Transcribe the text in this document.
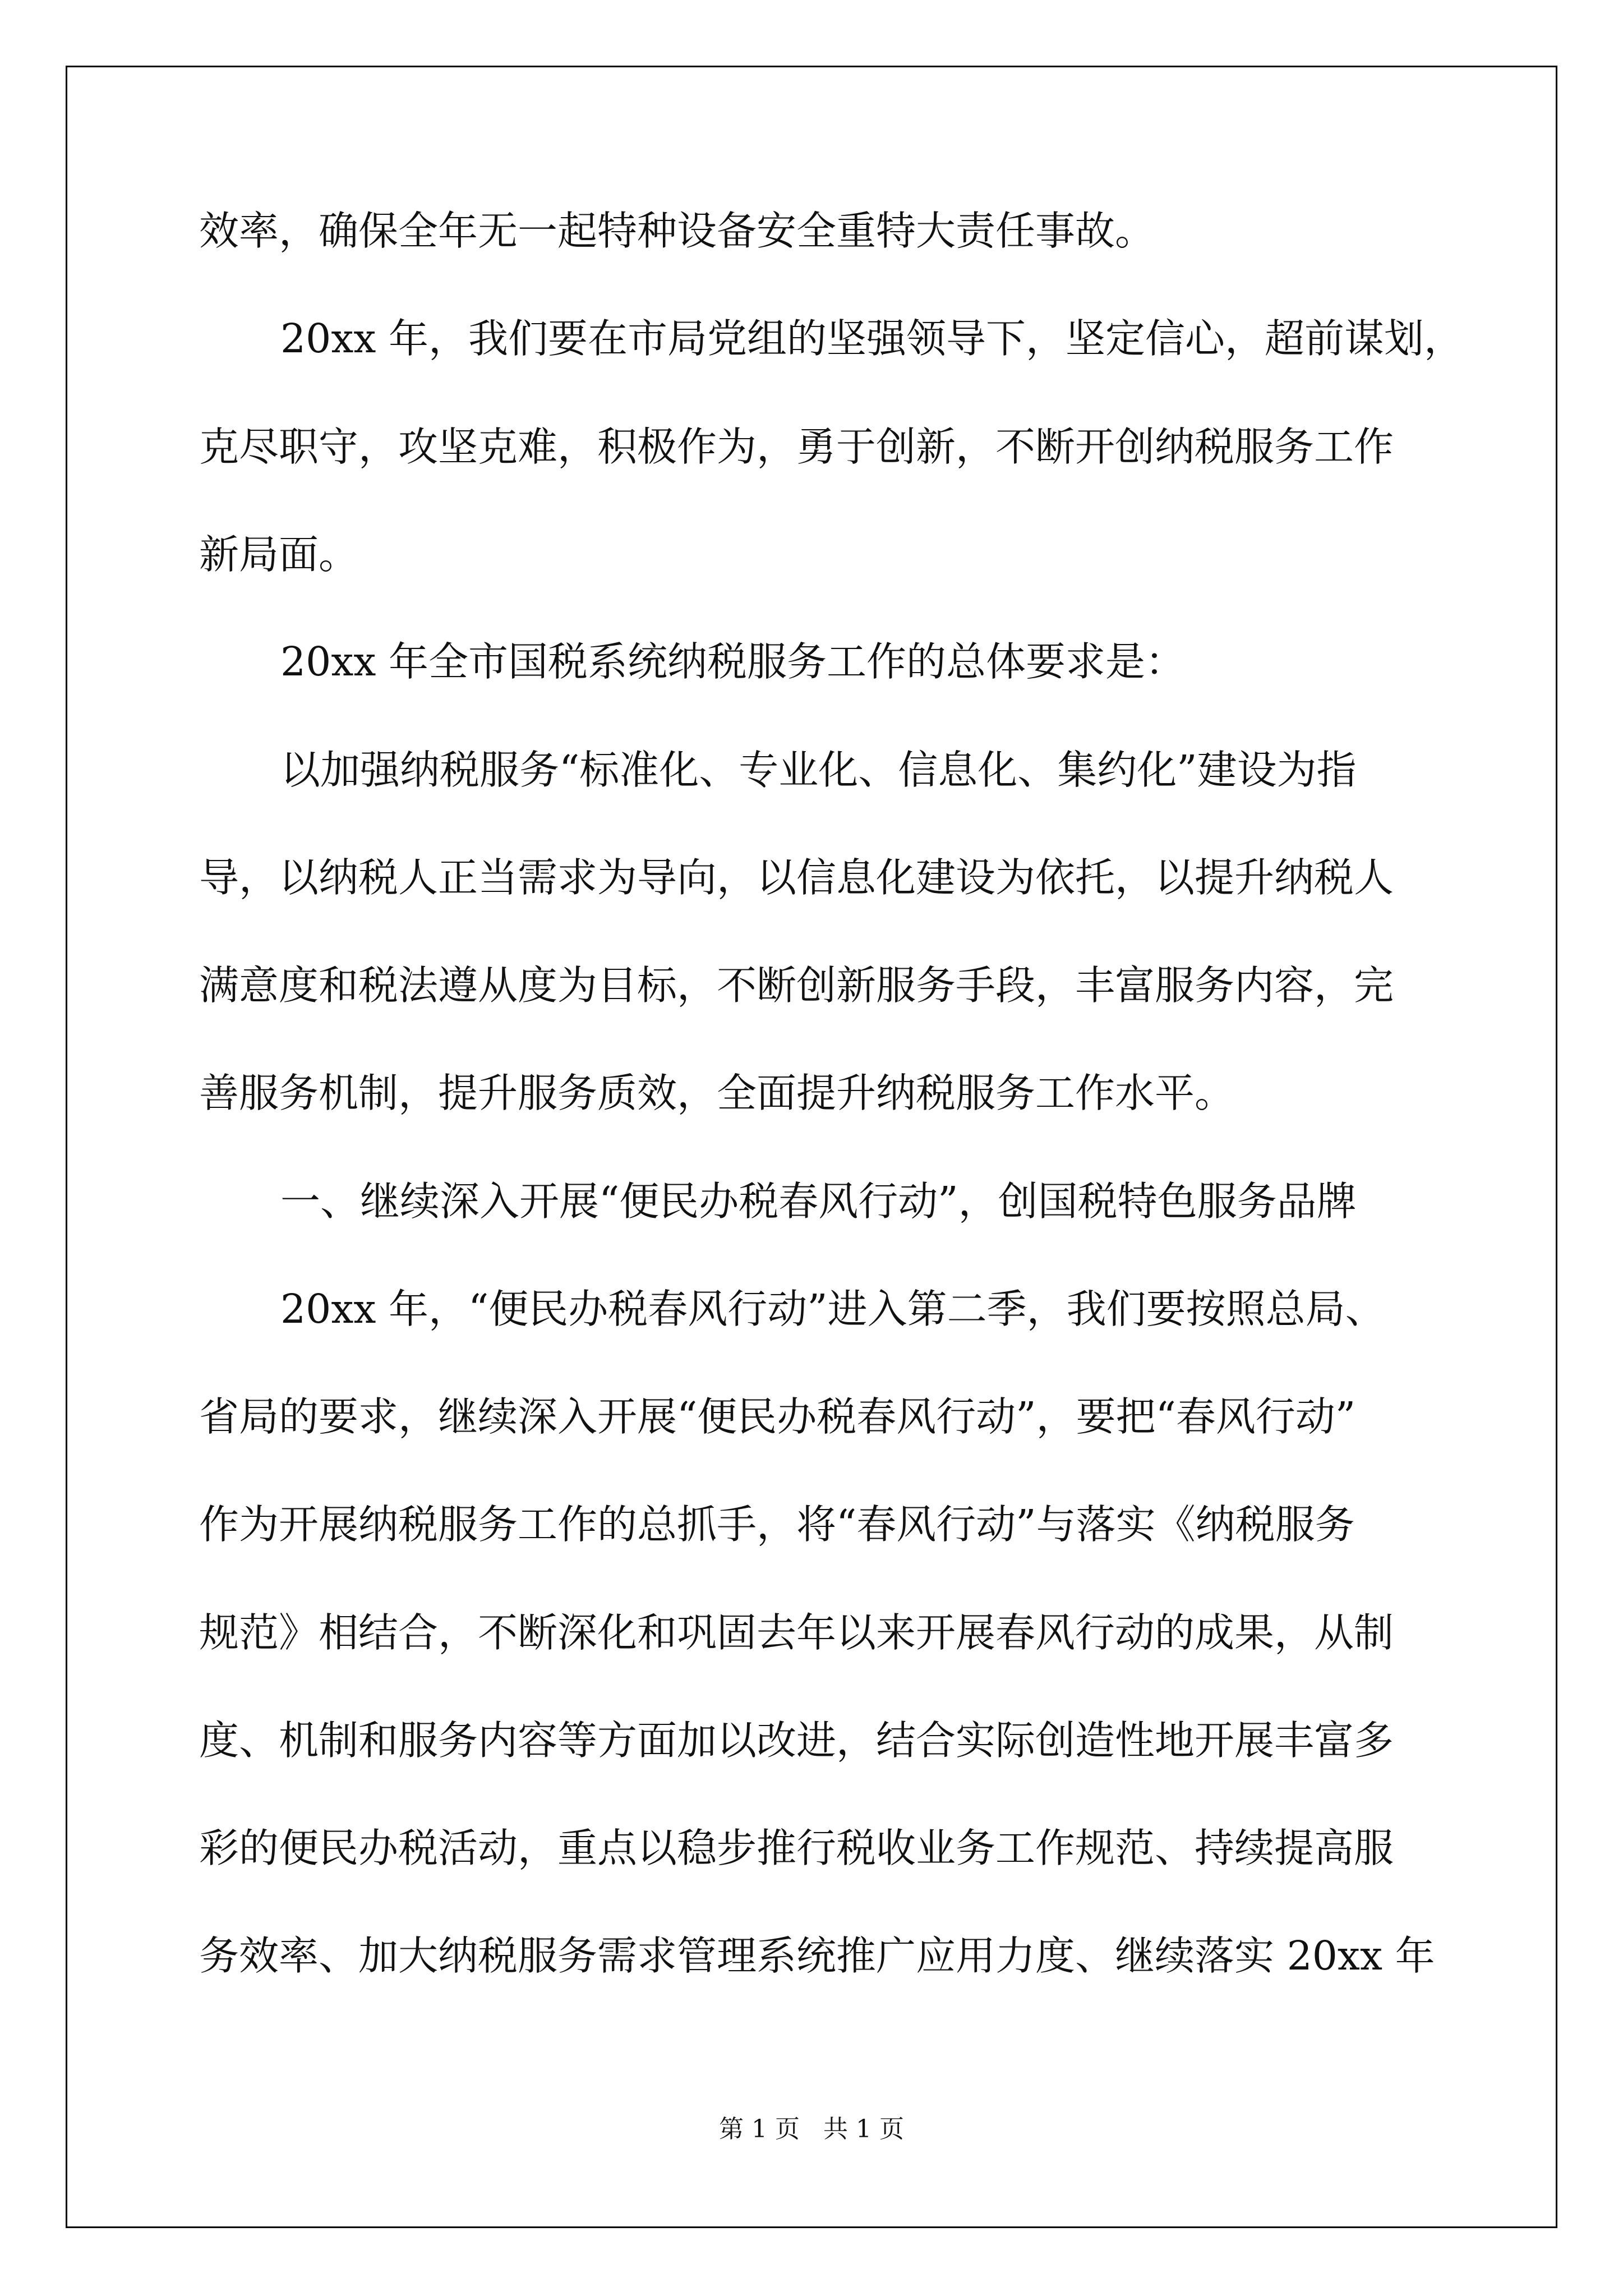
效率，确保全年无一起特种设备安全重特大责任事故。

20xx 年，我们要在市局党组的坚强领导下，坚定信心，超前谋划，

克尽职守，攻坚克难，积极作为，勇于创新，不断开创纳税服务工作

新局面。

20xx 年全市国税系统纳税服务工作的总体要求是：

以加强纳税服务“标准化、专业化、信息化、集约化”建设为指

导，以纳税人正当需求为导向，以信息化建设为依托，以提升纳税人

满意度和税法遵从度为目标，不断创新服务手段，丰富服务内容，完

善服务机制，提升服务质效，全面提升纳税服务工作水平。

一、继续深入开展“便民办税春风行动”，创国税特色服务品牌

20xx 年，“便民办税春风行动”进入第二季，我们要按照总局、

省局的要求，继续深入开展“便民办税春风行动”，要把“春风行动”

作为开展纳税服务工作的总抓手，将“春风行动”与落实《纳税服务

规范》相结合，不断深化和巩固去年以来开展春风行动的成果，从制

度、机制和服务内容等方面加以改进，结合实际创造性地开展丰富多

彩的便民办税活动，重点以稳步推行税收业务工作规范、持续提高服

务效率、加大纳税服务需求管理系统推广应用力度、继续落实 20xx 年

第 1 页   共 1 页
